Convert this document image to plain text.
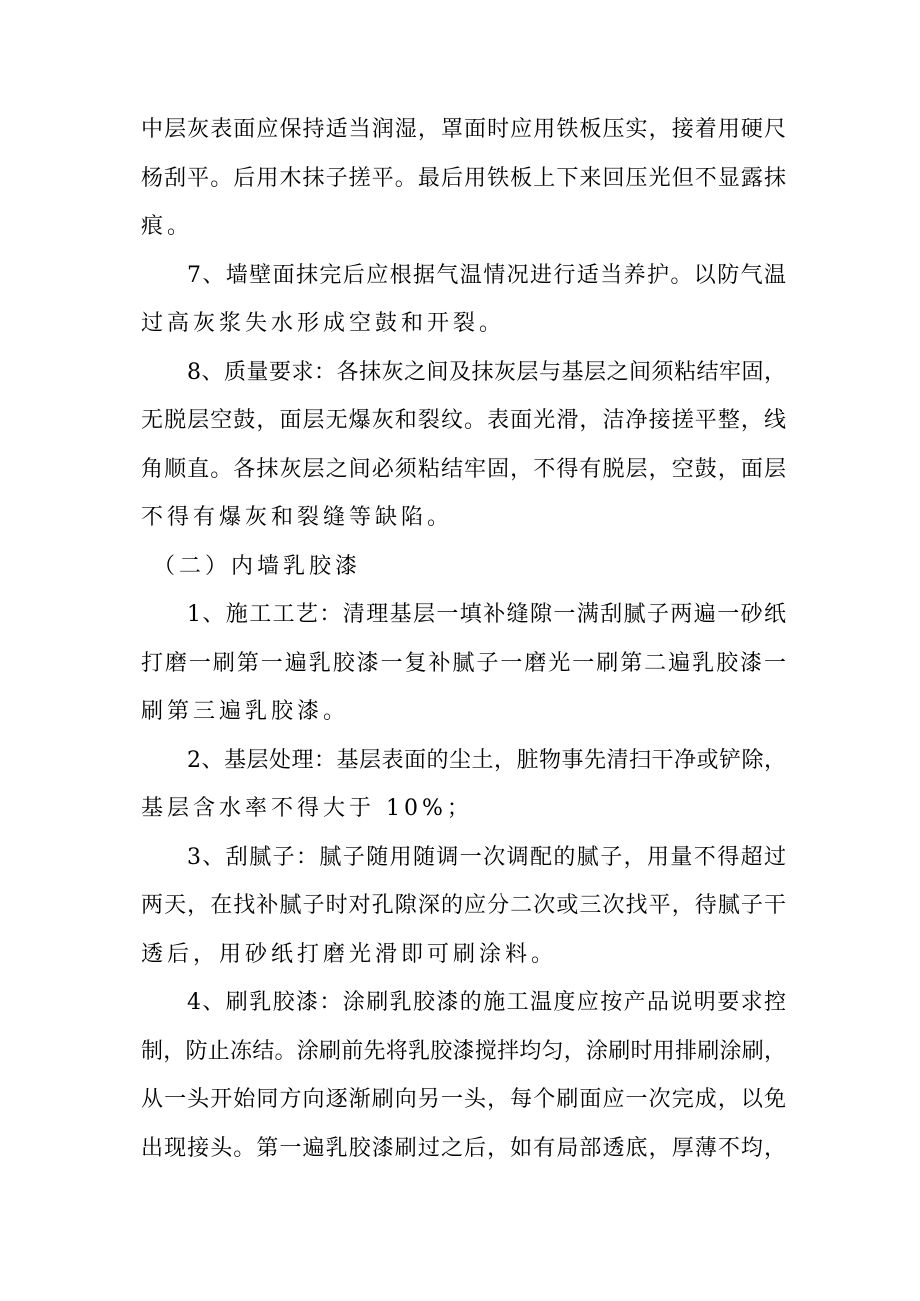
中层灰表面应保持适当润湿，罩面时应用铁板压实，接着用硬尺
杨刮平。后用木抹子搓平。最后用铁板上下来回压光但不显露抹
痕。
7、墙壁面抹完后应根据气温情况进行适当养护。以防气温
过高灰浆失水形成空鼓和开裂。
8、质量要求：各抹灰之间及抹灰层与基层之间须粘结牢固，
无脱层空鼓，面层无爆灰和裂纹。表面光滑，洁净接搓平整，线
角顺直。各抹灰层之间必须粘结牢固，不得有脱层，空鼓，面层
不得有爆灰和裂缝等缺陷。
（二）内墙乳胶漆
1、施工工艺：清理基层一填补缝隙一满刮腻子两遍一砂纸
打磨一刷第一遍乳胶漆一复补腻子一磨光一刷第二遍乳胶漆一
刷第三遍乳胶漆。
2、基层处理：基层表面的尘土，脏物事先清扫干净或铲除，
基层含水率不得大于 10%；
3、刮腻子：腻子随用随调一次调配的腻子，用量不得超过
两天，在找补腻子时对孔隙深的应分二次或三次找平，待腻子干
透后，用砂纸打磨光滑即可刷涂料。
4、刷乳胶漆：涂刷乳胶漆的施工温度应按产品说明要求控
制，防止冻结。涂刷前先将乳胶漆搅拌均匀，涂刷时用排刷涂刷，
从一头开始同方向逐渐刷向另一头，每个刷面应一次完成，以免
出现接头。第一遍乳胶漆刷过之后，如有局部透底，厚薄不均，
